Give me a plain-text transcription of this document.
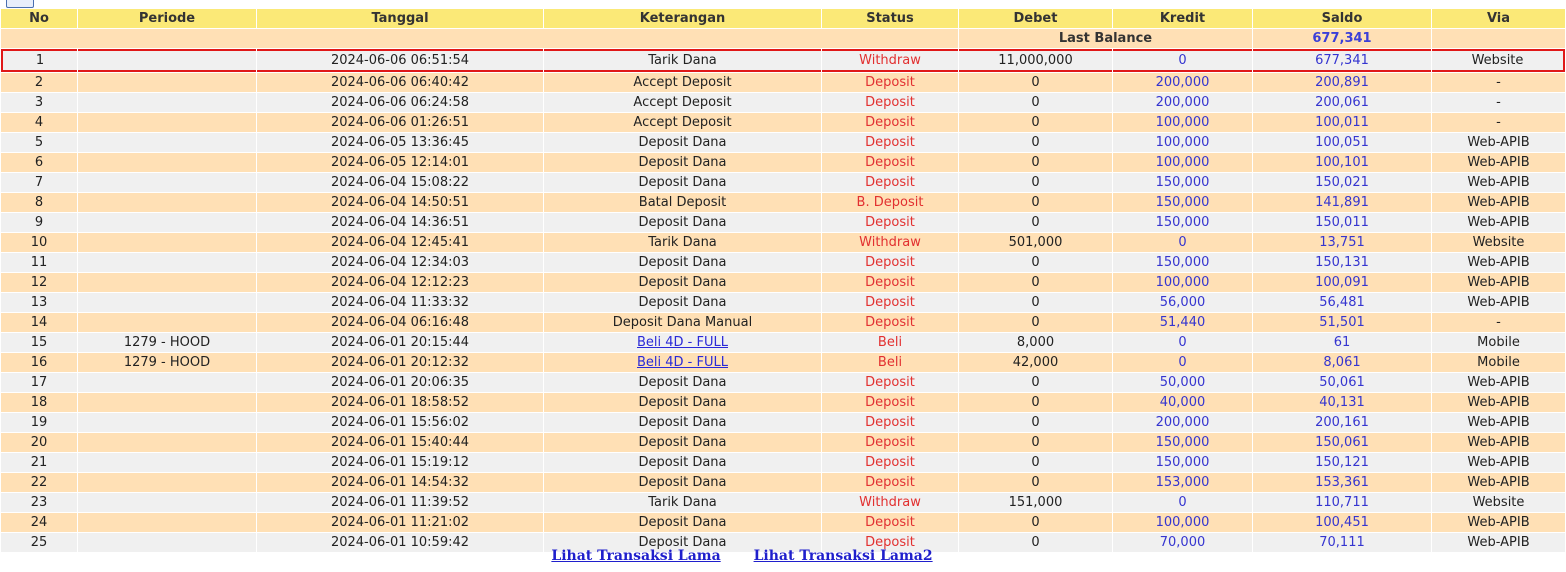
No	Periode	Tanggal	Keterangan	Status	Debet	Kredit	Saldo	Via
					Last Balance		677,341	
1		2024-06-06 06:51:54	Tarik Dana	Withdraw	11,000,000	0	677,341	Website
2		2024-06-06 06:40:42	Accept Deposit	Deposit	0	200,000	200,891	-
3		2024-06-06 06:24:58	Accept Deposit	Deposit	0	200,000	200,061	-
4		2024-06-06 01:26:51	Accept Deposit	Deposit	0	100,000	100,011	-
5		2024-06-05 13:36:45	Deposit Dana	Deposit	0	100,000	100,051	Web-APIB
6		2024-06-05 12:14:01	Deposit Dana	Deposit	0	100,000	100,101	Web-APIB
7		2024-06-04 15:08:22	Deposit Dana	Deposit	0	150,000	150,021	Web-APIB
8		2024-06-04 14:50:51	Batal Deposit	B. Deposit	0	150,000	141,891	Web-APIB
9		2024-06-04 14:36:51	Deposit Dana	Deposit	0	150,000	150,011	Web-APIB
10		2024-06-04 12:45:41	Tarik Dana	Withdraw	501,000	0	13,751	Website
11		2024-06-04 12:34:03	Deposit Dana	Deposit	0	150,000	150,131	Web-APIB
12		2024-06-04 12:12:23	Deposit Dana	Deposit	0	100,000	100,091	Web-APIB
13		2024-06-04 11:33:32	Deposit Dana	Deposit	0	56,000	56,481	Web-APIB
14		2024-06-04 06:16:48	Deposit Dana Manual	Deposit	0	51,440	51,501	-
15	1279 - HOOD	2024-06-01 20:15:44	Beli 4D - FULL	Beli	8,000	0	61	Mobile
16	1279 - HOOD	2024-06-01 20:12:32	Beli 4D - FULL	Beli	42,000	0	8,061	Mobile
17		2024-06-01 20:06:35	Deposit Dana	Deposit	0	50,000	50,061	Web-APIB
18		2024-06-01 18:58:52	Deposit Dana	Deposit	0	40,000	40,131	Web-APIB
19		2024-06-01 15:56:02	Deposit Dana	Deposit	0	200,000	200,161	Web-APIB
20		2024-06-01 15:40:44	Deposit Dana	Deposit	0	150,000	150,061	Web-APIB
21		2024-06-01 15:19:12	Deposit Dana	Deposit	0	150,000	150,121	Web-APIB
22		2024-06-01 14:54:32	Deposit Dana	Deposit	0	153,000	153,361	Web-APIB
23		2024-06-01 11:39:52	Tarik Dana	Withdraw	151,000	0	110,711	Website
24		2024-06-01 11:21:02	Deposit Dana	Deposit	0	100,000	100,451	Web-APIB
25		2024-06-01 10:59:42	Deposit Dana	Deposit	0	70,000	70,111	Web-APIB
Lihat Transaksi Lama Lihat Transaksi Lama2
